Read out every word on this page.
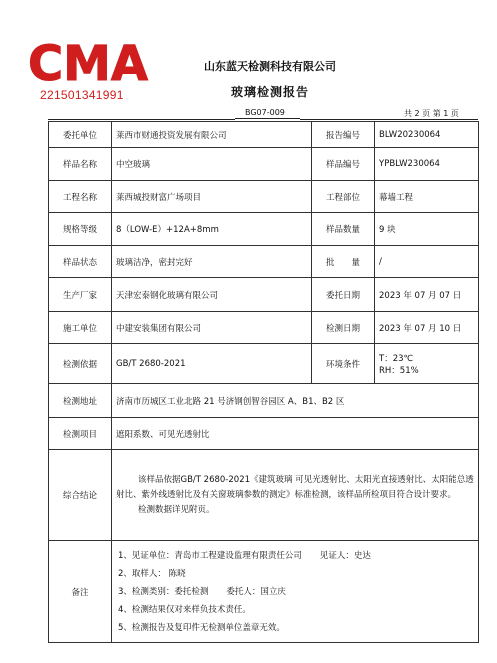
CMA
221501341991
山东蓝天检测科技有限公司
玻璃检测报告
BG07-009	共 2 页 第 1 页
委托单位	莱西市财通投资发展有限公司	报告编号	BLW20230064
样品名称	中空玻璃	样品编号	YPBLW230064
工程名称	莱西城投财富广场项目	工程部位	幕墙工程
规格等级	8（LOW-E）+12A+8mm	样品数量	9 块
样品状态	玻璃洁净，密封完好	批　　量	/
生产厂家	天津宏泰钢化玻璃有限公司	委托日期	2023 年 07 月 07 日
施工单位	中建安装集团有限公司	检测日期	2023 年 07 月 10 日
检测依据	GB/T 2680-2021	环境条件	T：23℃
RH：51%

检测地址	济南市历城区工业北路 21 号济钢创智谷园区 A、B1、B2 区		
检测项目	遮阳系数、可见光透射比		
综合结论	该样品依据GB/T 2680-2021《建筑玻璃 可见光透射比、太阳光直接透射比、太阳能总透射比、紫外线透射比及有关窗玻璃参数的测定》标准检测，该样品所检项目符合设计要求。

检测数据详见附页。		

备注	1、见证单位：青岛市工程建设监理有限责任公司 见证人：史达
2、取样人： 陈晓
3、检测类别：委托检测 委托人：国立庆
4、检测结果仅对来样负技术责任。
5、检测报告及复印件无检测单位盖章无效。		
